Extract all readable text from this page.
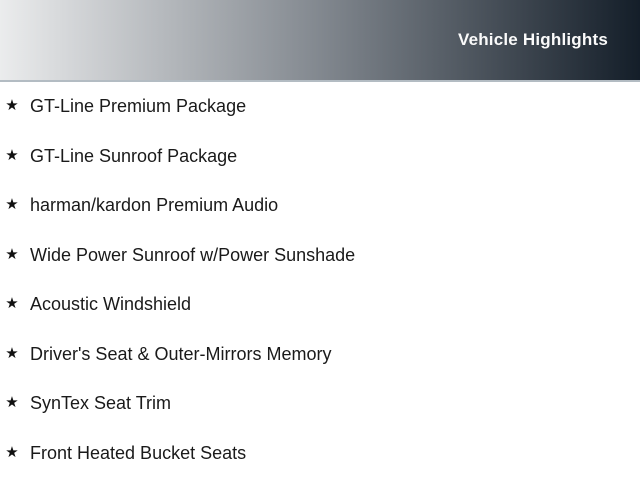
Vehicle Highlights
★ GT-Line Premium Package
★ GT-Line Sunroof Package
★ harman/kardon Premium Audio
★ Wide Power Sunroof w/Power Sunshade
★ Acoustic Windshield
★ Driver's Seat & Outer-Mirrors Memory
★ SynTex Seat Trim
★ Front Heated Bucket Seats
